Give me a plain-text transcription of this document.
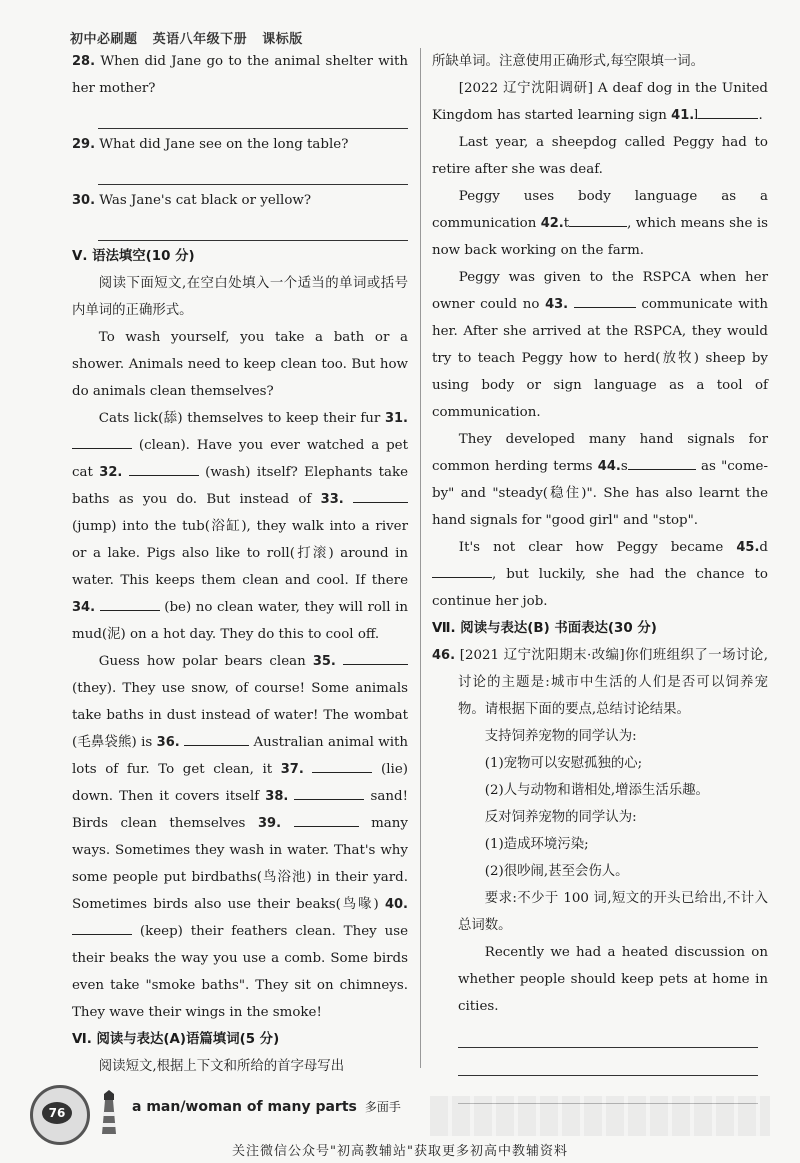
初中必刷题 英语八年级下册 课标版

28. When did Jane go to the animal shelter with her mother?

29. What did Jane see on the long table?

30. Was Jane's cat black or yellow?

Ⅴ. 语法填空(10 分)

阅读下面短文,在空白处填入一个适当的单词或括号内单词的正确形式。

To wash yourself, you take a bath or a shower. Animals need to keep clean too. But how do animals clean themselves?

Cats lick(舔) themselves to keep their fur 31.  (clean). Have you ever watched a pet cat 32.	(wash) itself? Elephants take baths as you do. But instead of 33.  (jump) into the tub(浴缸), they walk into a river or a lake. Pigs also like to roll(打滚) around in water. This keeps them clean and cool. If there 34.	(be) no clean water, they will roll in mud(泥) on a hot day. They do this to cool off.

Guess how polar bears clean 35.  (they). They use snow, of course! Some animals take baths in dust instead of water! The wombat (毛鼻袋熊) is 36.	Australian animal with lots of fur. To get clean, it 37.	(lie) down. Then it covers itself 38.	sand! Birds clean themselves 39.	many ways. Sometimes they wash in water. That's why some people put birdbaths(鸟浴池) in their yard. Sometimes birds also use their beaks(鸟喙) 40.  (keep) their feathers clean. They use their beaks the way you use a comb. Some birds even take "smoke baths". They sit on chimneys. They wave their wings in the smoke!

Ⅵ. 阅读与表达(A)语篇填词(5 分)

阅读短文,根据上下文和所给的首字母写出

所缺单词。注意使用正确形式,每空限填一词。

[2022 辽宁沈阳调研] A deaf dog in the United Kingdom has started learning sign 41.l	.

Last year, a sheepdog called Peggy had to retire after she was deaf.

Peggy uses body language as a communication 42.t	, which means she is now back working on the farm.

Peggy was given to the RSPCA when her owner could no 43.	communicate with her. After she arrived at the RSPCA, they would try to teach Peggy how to herd(放牧) sheep by using body or sign language as a tool of communication.

They developed many hand signals for common herding terms 44.s	as "come-by" and "steady(稳住)". She has also learnt the hand signals for "good girl" and "stop".

It's not clear how Peggy became 45.d, but luckily, she had the chance to continue her job.

Ⅶ. 阅读与表达(B) 书面表达(30 分)

46. [2021 辽宁沈阳期末·改编]你们班组织了一场讨论,讨论的主题是:城市中生活的人们是否可以饲养宠物。请根据下面的要点,总结讨论结果。

支持饲养宠物的同学认为:

(1)宠物可以安慰孤独的心;

(2)人与动物和谐相处,增添生活乐趣。

反对饲养宠物的同学认为:

(1)造成环境污染;

(2)很吵闹,甚至会伤人。

要求:不少于 100 词,短文的开头已给出,不计入总词数。

Recently we had a heated discussion on whether people should keep pets at home in cities.

76	a man/woman of many parts 多面手
关注微信公众号"初高教辅站"获取更多初高中教辅资料
